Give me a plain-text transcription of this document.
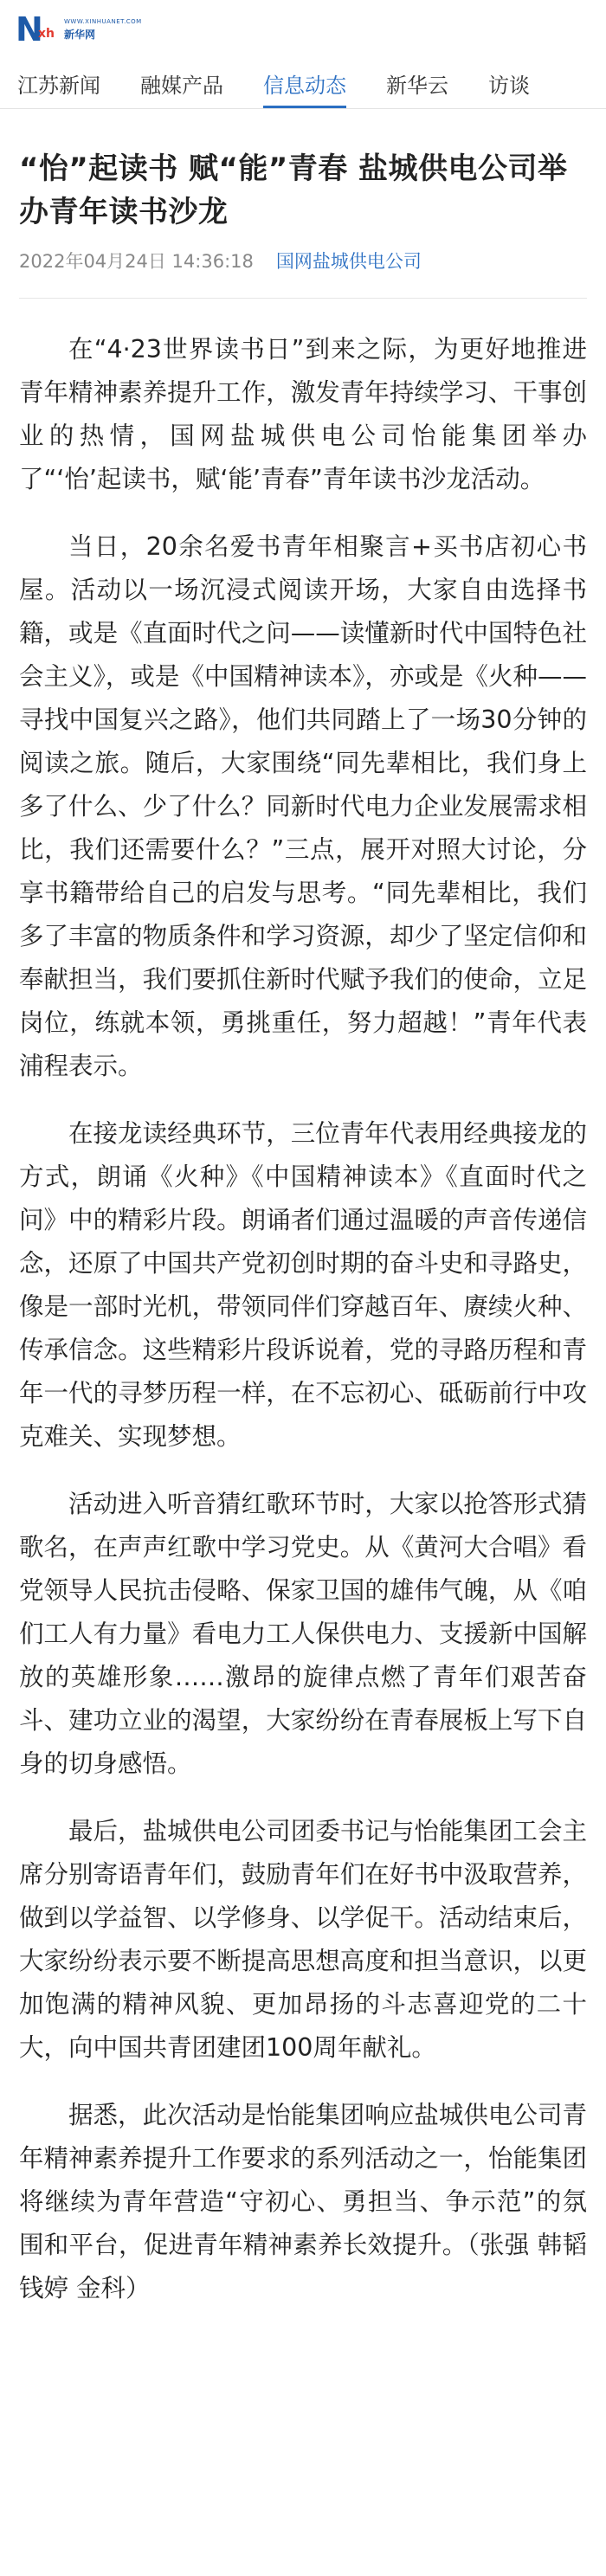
N
xh
WWW.XINHUANET.COM
新华网
江苏新闻 融媒产品 信息动态 新华云 访谈
“怡”起读书 赋“能”青春 盐城供电公司举办青年读书沙龙
2022年04月24日 14:36:18 国网盐城供电公司

在“4·23世界读书日”到来之际，为更好地推进青年精神素养提升工作，激发青年持续学习、干事创业的热情，国网盐城供电公司怡能集团举办了“‘怡’起读书，赋‘能’青春”青年读书沙龙活动。

当日，20余名爱书青年相聚言+买书店初心书屋。活动以一场沉浸式阅读开场，大家自由选择书籍，或是《直面时代之问——读懂新时代中国特色社会主义》，或是《中国精神读本》，亦或是《火种——寻找中国复兴之路》，他们共同踏上了一场30分钟的阅读之旅。随后，大家围绕“同先辈相比，我们身上多了什么、少了什么？同新时代电力企业发展需求相比，我们还需要什么？”三点，展开对照大讨论，分享书籍带给自己的启发与思考。“同先辈相比，我们多了丰富的物质条件和学习资源，却少了坚定信仰和奉献担当，我们要抓住新时代赋予我们的使命，立足岗位，练就本领，勇挑重任，努力超越！”青年代表浦程表示。

在接龙读经典环节，三位青年代表用经典接龙的方式，朗诵《火种》《中国精神读本》《直面时代之问》中的精彩片段。朗诵者们通过温暖的声音传递信念，还原了中国共产党初创时期的奋斗史和寻路史，像是一部时光机，带领同伴们穿越百年、赓续火种、传承信念。这些精彩片段诉说着，党的寻路历程和青年一代的寻梦历程一样，在不忘初心、砥砺前行中攻克难关、实现梦想。

活动进入听音猜红歌环节时，大家以抢答形式猜歌名，在声声红歌中学习党史。从《黄河大合唱》看党领导人民抗击侵略、保家卫国的雄伟气魄，从《咱们工人有力量》看电力工人保供电力、支援新中国解放的英雄形象……激昂的旋律点燃了青年们艰苦奋斗、建功立业的渴望，大家纷纷在青春展板上写下自身的切身感悟。

最后，盐城供电公司团委书记与怡能集团工会主席分别寄语青年们，鼓励青年们在好书中汲取营养，做到以学益智、以学修身、以学促干。活动结束后，大家纷纷表示要不断提高思想高度和担当意识，以更加饱满的精神风貌、更加昂扬的斗志喜迎党的二十大，向中国共青团建团100周年献礼。

据悉，此次活动是怡能集团响应盐城供电公司青年精神素养提升工作要求的系列活动之一，怡能集团将继续为青年营造“守初心、勇担当、争示范”的氛围和平台，促进青年精神素养长效提升。（张强 韩韬 钱婷 金科）
